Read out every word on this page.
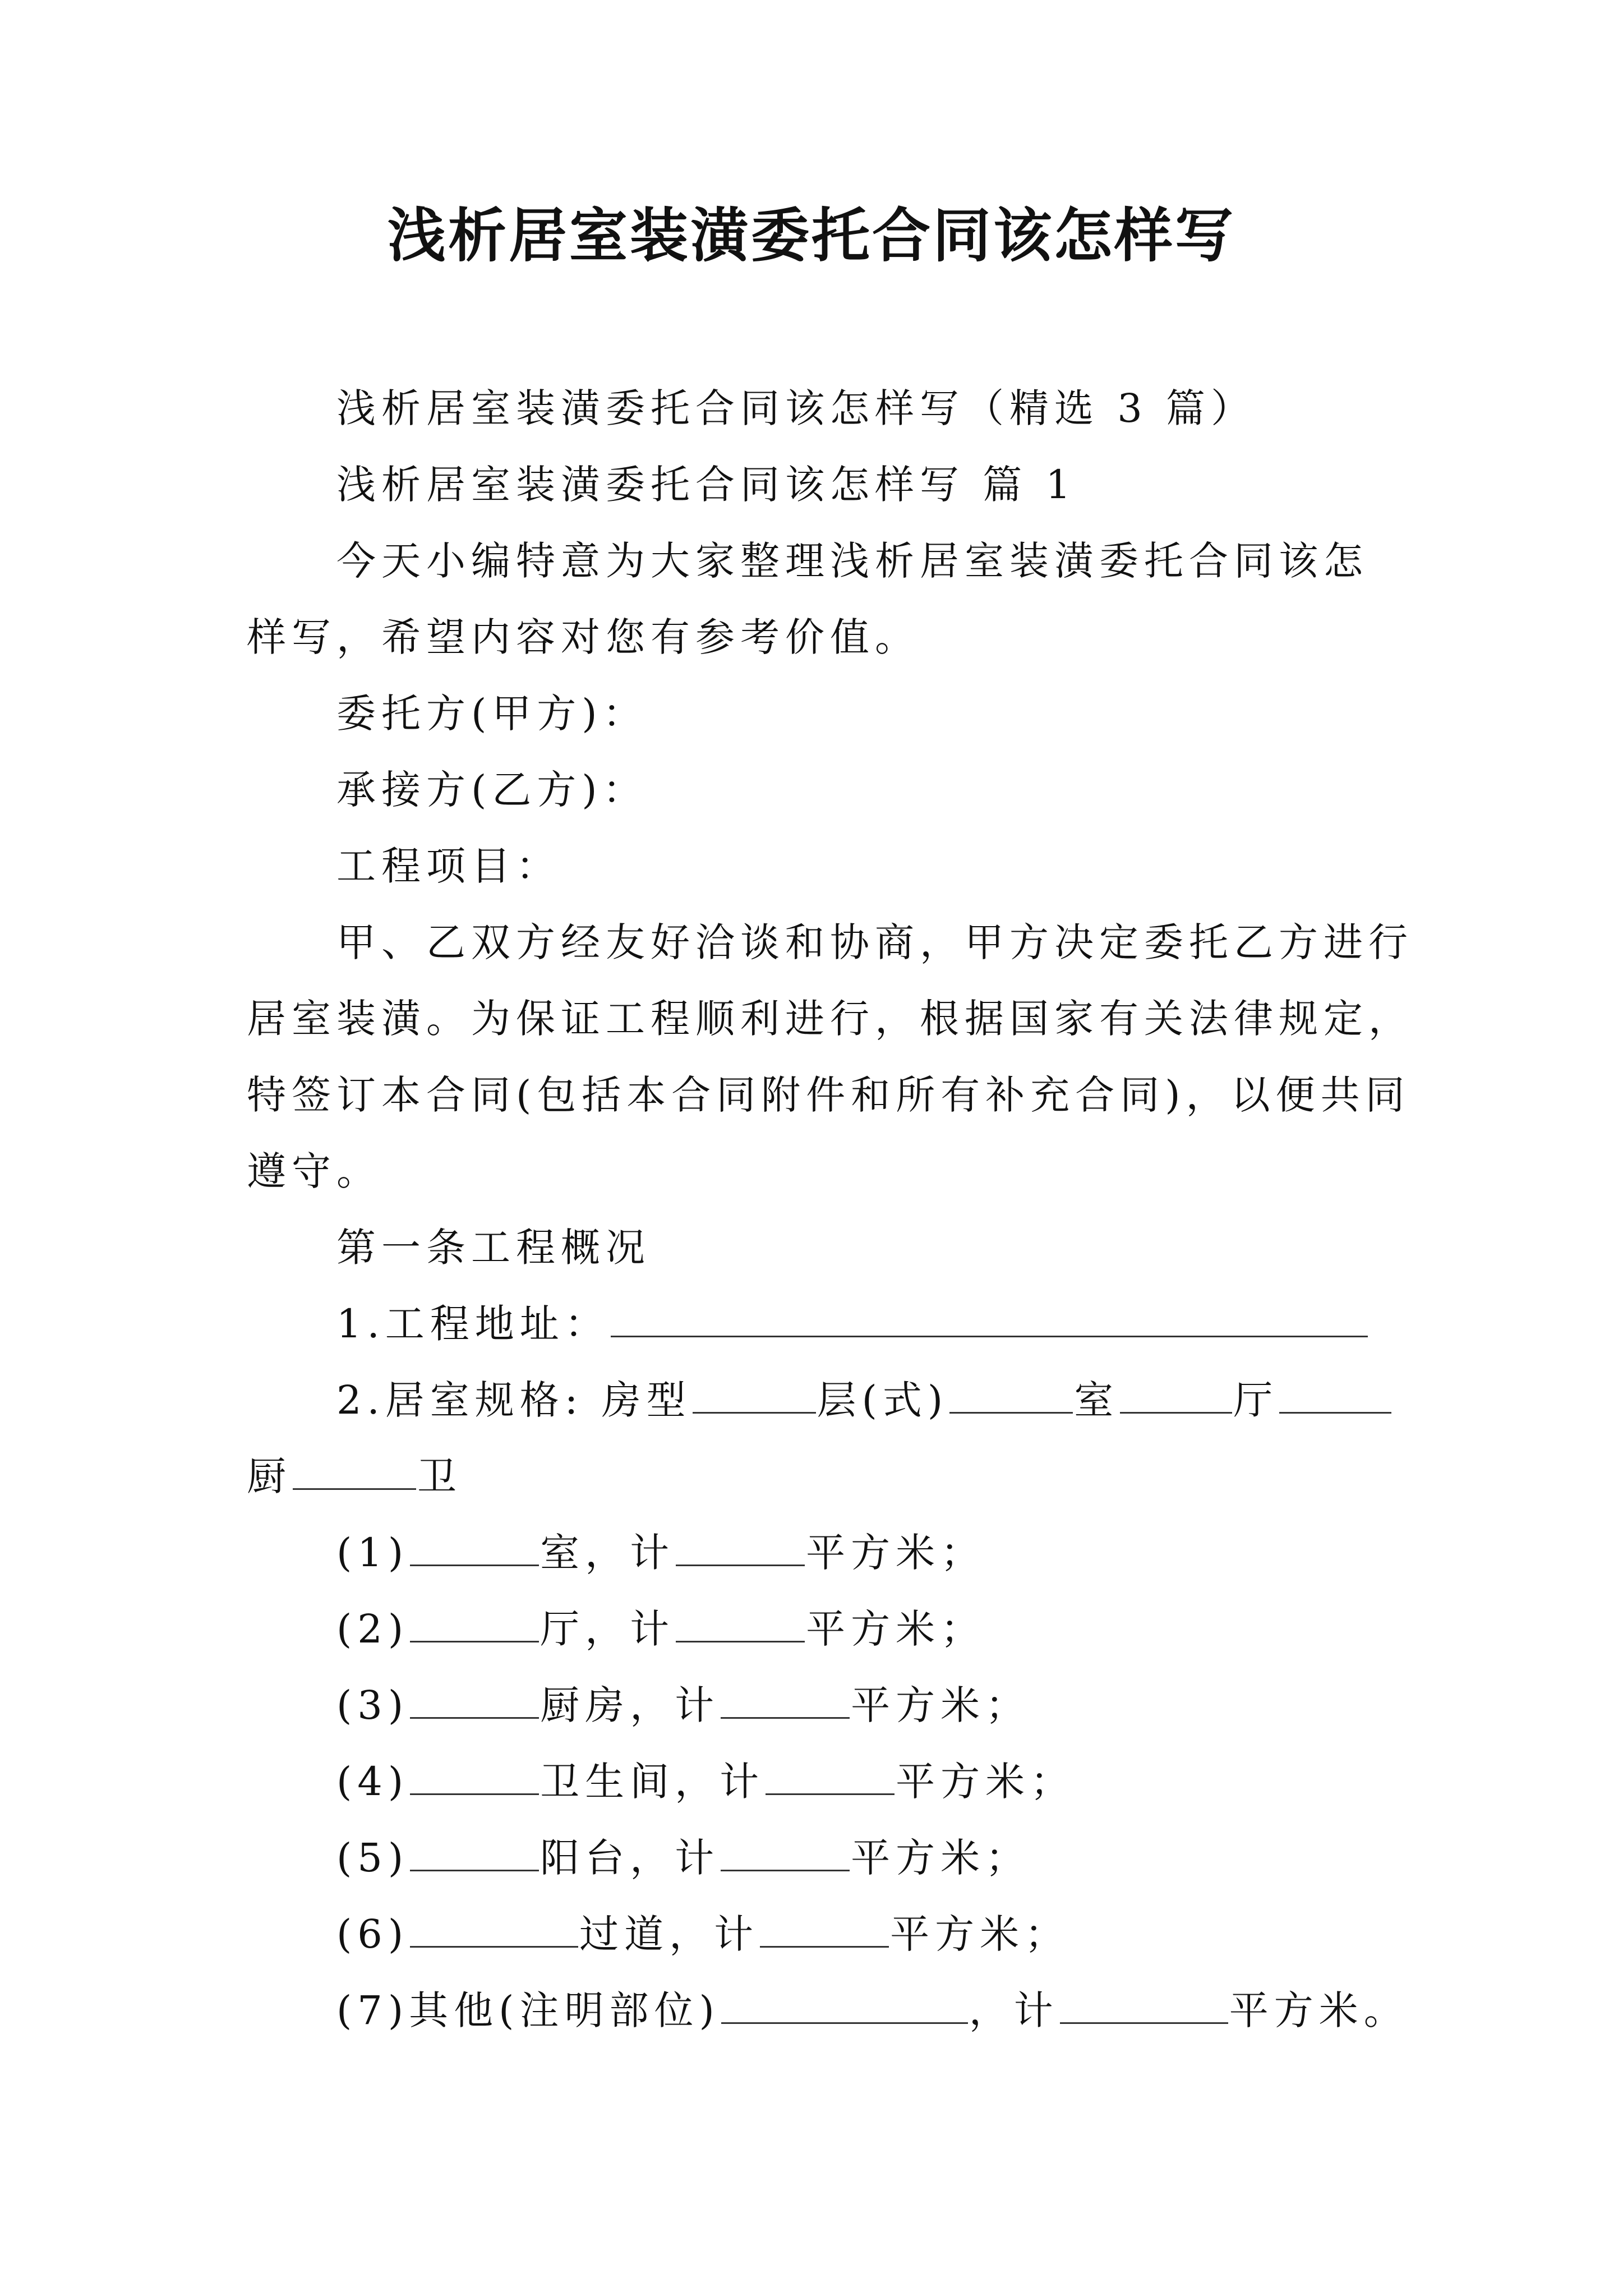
浅析居室装潢委托合同该怎样写
浅析居室装潢委托合同该怎样写（精选 3 篇）
浅析居室装潢委托合同该怎样写 篇 1
今天小编特意为大家整理浅析居室装潢委托合同该怎
样写，希望内容对您有参考价值。
委托方(甲方)：
承接方(乙方)：
工程项目：
甲、乙双方经友好洽谈和协商，甲方决定委托乙方进行
居室装潢。为保证工程顺利进行，根据国家有关法律规定，
特签订本合同(包括本合同附件和所有补充合同)，以便共同
遵守。
第一条工程概况
1.工程地址：
2.居室规格: 房型	层(式)	室	厅
厨	卫
(1)	室，计	平方米；
(2)	厅，计	平方米；
(3)	厨房，计	平方米；
(4)	卫生间，计	平方米；
(5)	阳台，计	平方米；
(6)	过道，计	平方米；
(7)其他(注明部位)	，计	平方米。
